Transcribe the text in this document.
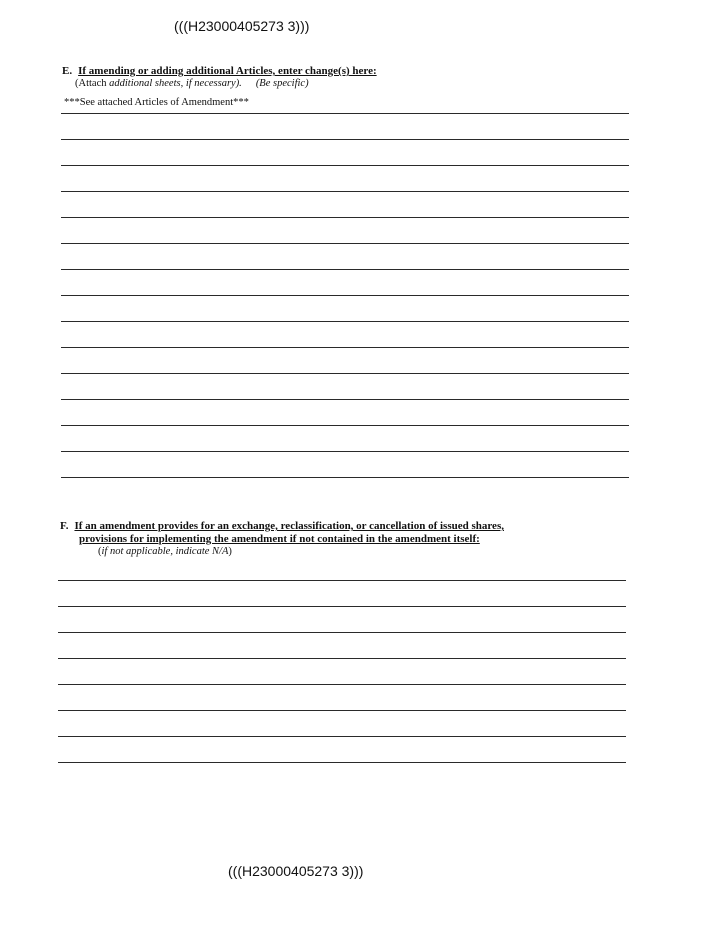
(((H23000405273 3)))
E. If amending or adding additional Articles, enter change(s) here:
(Attach additional sheets, if necessary). (Be specific)
***See attached Articles of Amendment***
F. If an amendment provides for an exchange, reclassification, or cancellation of issued shares,
provisions for implementing the amendment if not contained in the amendment itself:
(if not applicable, indicate N/A)
(((H23000405273 3)))
